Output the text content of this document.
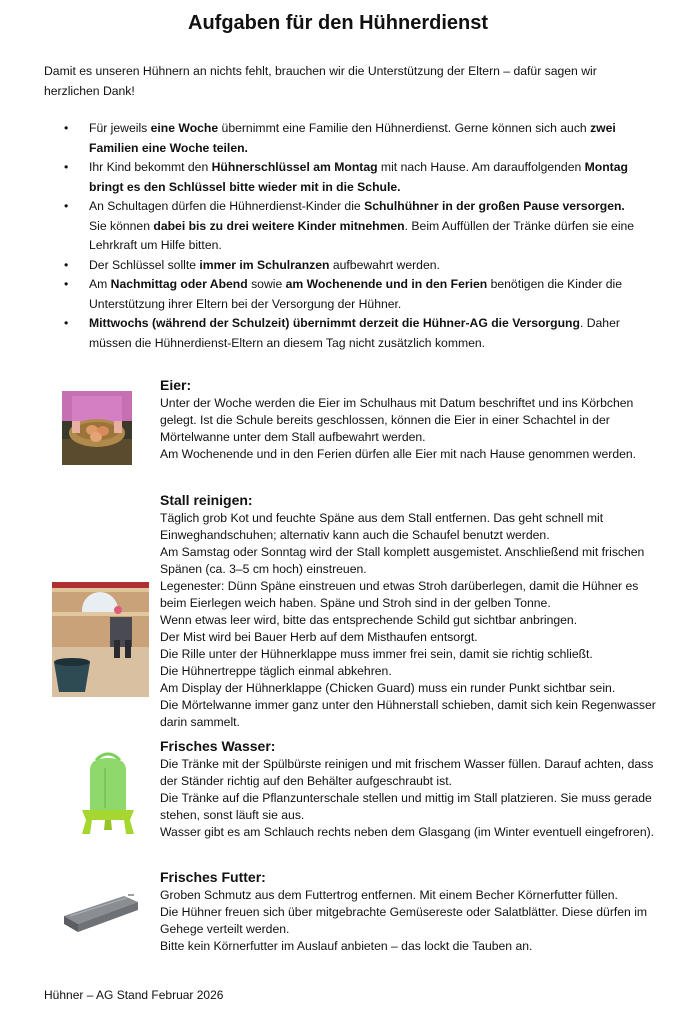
Aufgaben für den Hühnerdienst
Damit es unseren Hühnern an nichts fehlt, brauchen wir die Unterstützung der Eltern – dafür sagen wir herzlichen Dank!
• Für jeweils eine Woche übernimmt eine Familie den Hühnerdienst. Gerne können sich auch zwei Familien eine Woche teilen.
• Ihr Kind bekommt den Hühnerschlüssel am Montag mit nach Hause. Am darauffolgenden Montag bringt es den Schlüssel bitte wieder mit in die Schule.
• An Schultagen dürfen die Hühnerdienst-Kinder die Schulhühner in der großen Pause versorgen. Sie können dabei bis zu drei weitere Kinder mitnehmen. Beim Auffüllen der Tränke dürfen sie eine Lehrkraft um Hilfe bitten.
• Der Schlüssel sollte immer im Schulranzen aufbewahrt werden.
• Am Nachmittag oder Abend sowie am Wochenende und in den Ferien benötigen die Kinder die Unterstützung ihrer Eltern bei der Versorgung der Hühner.
• Mittwochs (während der Schulzeit) übernimmt derzeit die Hühner-AG die Versorgung. Daher müssen die Hühnerdienst-Eltern an diesem Tag nicht zusätzlich kommen.
Eier:

Unter der Woche werden die Eier im Schulhaus mit Datum beschriftet und ins Körbchen gelegt. Ist die Schule bereits geschlossen, können die Eier in einer Schachtel in der Mörtelwanne unter dem Stall aufbewahrt werden.

Am Wochenende und in den Ferien dürfen alle Eier mit nach Hause genommen werden.

Stall reinigen:

Täglich grob Kot und feuchte Späne aus dem Stall entfernen. Das geht schnell mit Einweghandschuhen; alternativ kann auch die Schaufel benutzt werden.

Am Samstag oder Sonntag wird der Stall komplett ausgemistet. Anschließend mit frischen Spänen (ca. 3–5 cm hoch) einstreuen.

Legenester: Dünn Späne einstreuen und etwas Stroh darüberlegen, damit die Hühner es beim Eierlegen weich haben. Späne und Stroh sind in der gelben Tonne.

Wenn etwas leer wird, bitte das entsprechende Schild gut sichtbar anbringen.

Der Mist wird bei Bauer Herb auf dem Misthaufen entsorgt.

Die Rille unter der Hühnerklappe muss immer frei sein, damit sie richtig schließt.

Die Hühnertreppe täglich einmal abkehren.

Am Display der Hühnerklappe (Chicken Guard) muss ein runder Punkt sichtbar sein.

Die Mörtelwanne immer ganz unter den Hühnerstall schieben, damit sich kein Regenwasser darin sammelt.

Frisches Wasser:

Die Tränke mit der Spülbürste reinigen und mit frischem Wasser füllen. Darauf achten, dass der Ständer richtig auf den Behälter aufgeschraubt ist.

Die Tränke auf die Pflanzunterschale stellen und mittig im Stall platzieren. Sie muss gerade stehen, sonst läuft sie aus.

Wasser gibt es am Schlauch rechts neben dem Glasgang (im Winter eventuell eingefroren).

Frisches Futter:

Groben Schmutz aus dem Futtertrog entfernen. Mit einem Becher Körnerfutter füllen.

Die Hühner freuen sich über mitgebrachte Gemüsereste oder Salatblätter. Diese dürfen im Gehege verteilt werden.

Bitte kein Körnerfutter im Auslauf anbieten – das lockt die Tauben an.

Hühner – AG Stand Februar 2026
